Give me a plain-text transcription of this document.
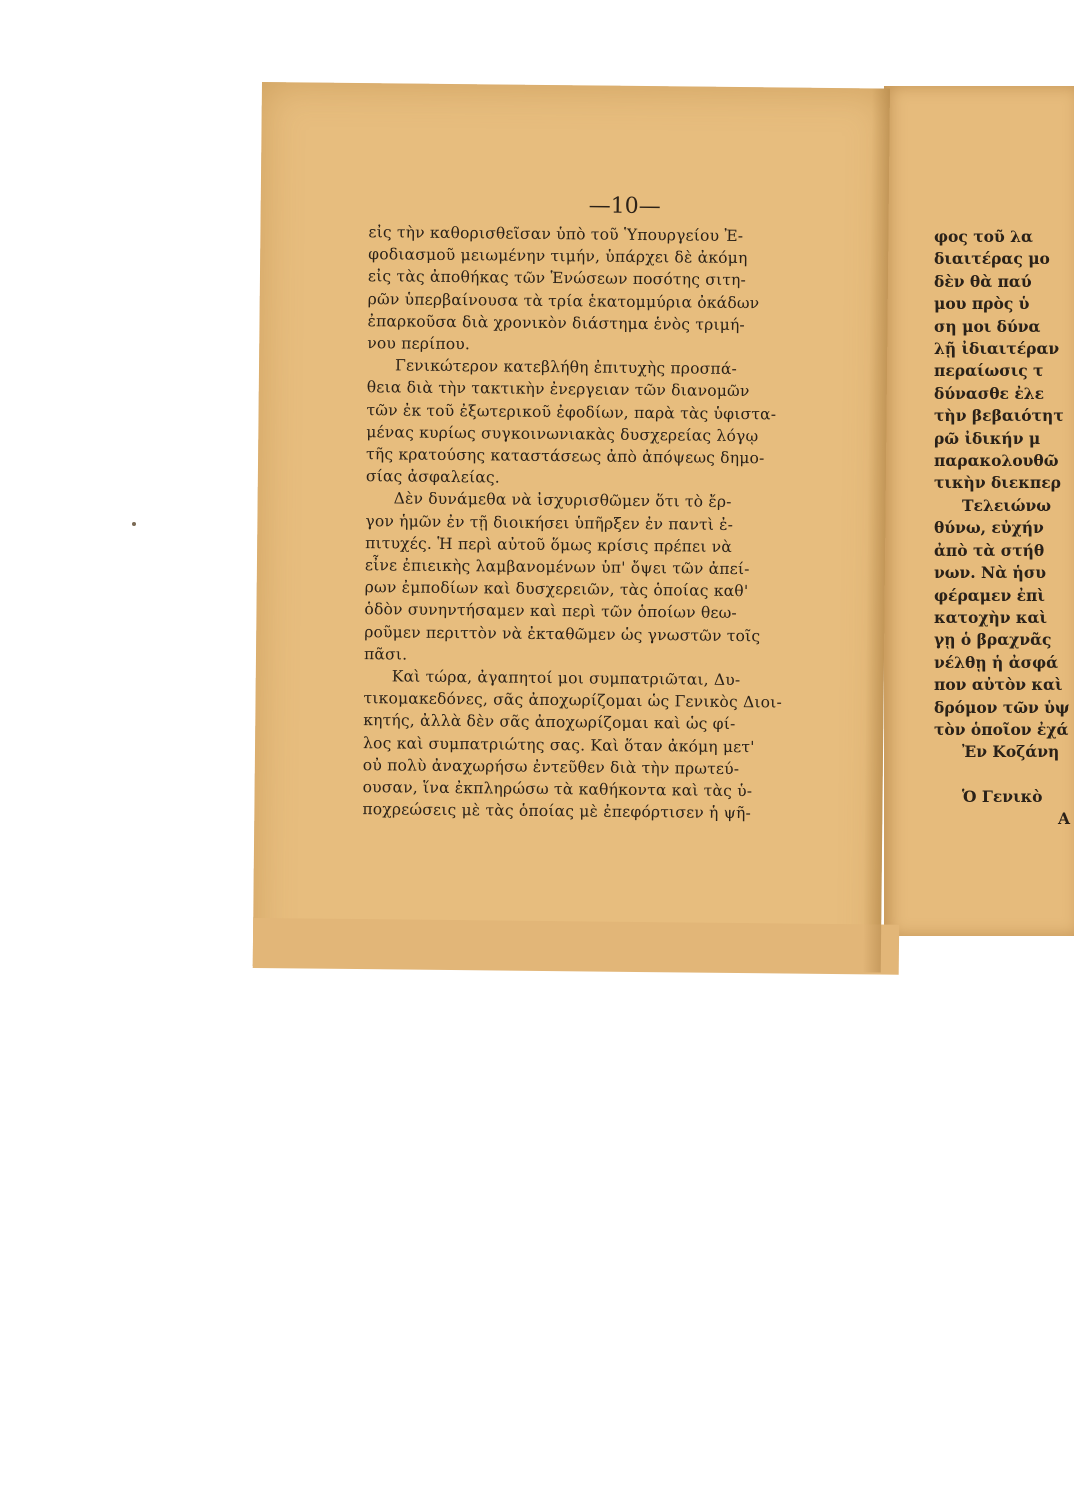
φος τοῦ λα
διαιτέρας μο
δὲν θὰ παύ
μου πρὸς ὑ
ση μοι δύνα
λῇ ἰδιαιτέραν
περαίωσις τ
δύνασθε ἐλε
τὴν βεβαιότητ
ρῶ ἰδικήν μ
παρακολουθῶ
τικὴν διεκπερ
Τελειώνω
θύνω, εὐχήν
ἀπὸ τὰ στήθ
νων. Νὰ ἡσυ
φέραμεν ἐπὶ
κατοχὴν καὶ
γῃ ὁ βραχνᾶς
νέλθῃ ἡ ἀσφά
πον αὐτὸν καὶ
δρόμον τῶν ὑψ
τὸν ὁποῖον ἐχά
Ἐν Κοζάνη
Ὁ Γενικὸ
Α
—10—
εἰς τὴν καθορισθεῖσαν ὑπὸ τοῦ Ὑπουργείου Ἐ-
φοδιασμοῦ μειωμένην τιμήν, ὑπάρχει δὲ ἀκόμη
εἰς τὰς ἀποθήκας τῶν Ἑνώσεων ποσότης σιτη-
ρῶν ὑπερβαίνουσα τὰ τρία ἑκατομμύρια ὀκάδων
ἐπαρκοῦσα διὰ χρονικὸν διάστημα ἑνὸς τριμή-
νου περίπου.
Γενικώτερον κατεβλήθη ἐπιτυχὴς προσπά-
θεια διὰ τὴν τακτικὴν ἐνεργειαν τῶν διανομῶν
τῶν ἐκ τοῦ ἐξωτερικοῦ ἐφοδίων, παρὰ τὰς ὑφιστα-
μένας κυρίως συγκοινωνιακὰς δυσχερείας λόγῳ
τῆς κρατούσης καταστάσεως ἀπὸ ἀπόψεως δημο-
σίας ἀσφαλείας.
Δὲν δυνάμεθα νὰ ἰσχυρισθῶμεν ὅτι τὸ ἔρ-
γον ἡμῶν ἐν τῇ διοικήσει ὑπῆρξεν ἐν παντὶ ἐ-
πιτυχές. Ἡ περὶ αὐτοῦ ὅμως κρίσις πρέπει νὰ
εἶνε ἐπιεικὴς λαμβανομένων ὑπ' ὄψει τῶν ἀπεί-
ρων ἐμποδίων καὶ δυσχερειῶν, τὰς ὁποίας καθ'
ὁδὸν συνηντήσαμεν καὶ περὶ τῶν ὁποίων θεω-
ροῦμεν περιττὸν νὰ ἐκταθῶμεν ὡς γνωστῶν τοῖς
πᾶσι.
Καὶ τώρα, ἀγαπητοί μοι συμπατριῶται, Δυ-
τικομακεδόνες, σᾶς ἀποχωρίζομαι ὡς Γενικὸς Διοι-
κητής, ἀλλὰ δὲν σᾶς ἀποχωρίζομαι καὶ ὡς φί-
λος καὶ συμπατριώτης σας. Καὶ ὅταν ἀκόμη μετ'
οὐ πολὺ ἀναχωρήσω ἐντεῦθεν διὰ τὴν πρωτεύ-
ουσαν, ἵνα ἐκπληρώσω τὰ καθήκοντα καὶ τὰς ὑ-
ποχρεώσεις μὲ τὰς ὁποίας μὲ ἐπεφόρτισεν ἡ ψῆ-
